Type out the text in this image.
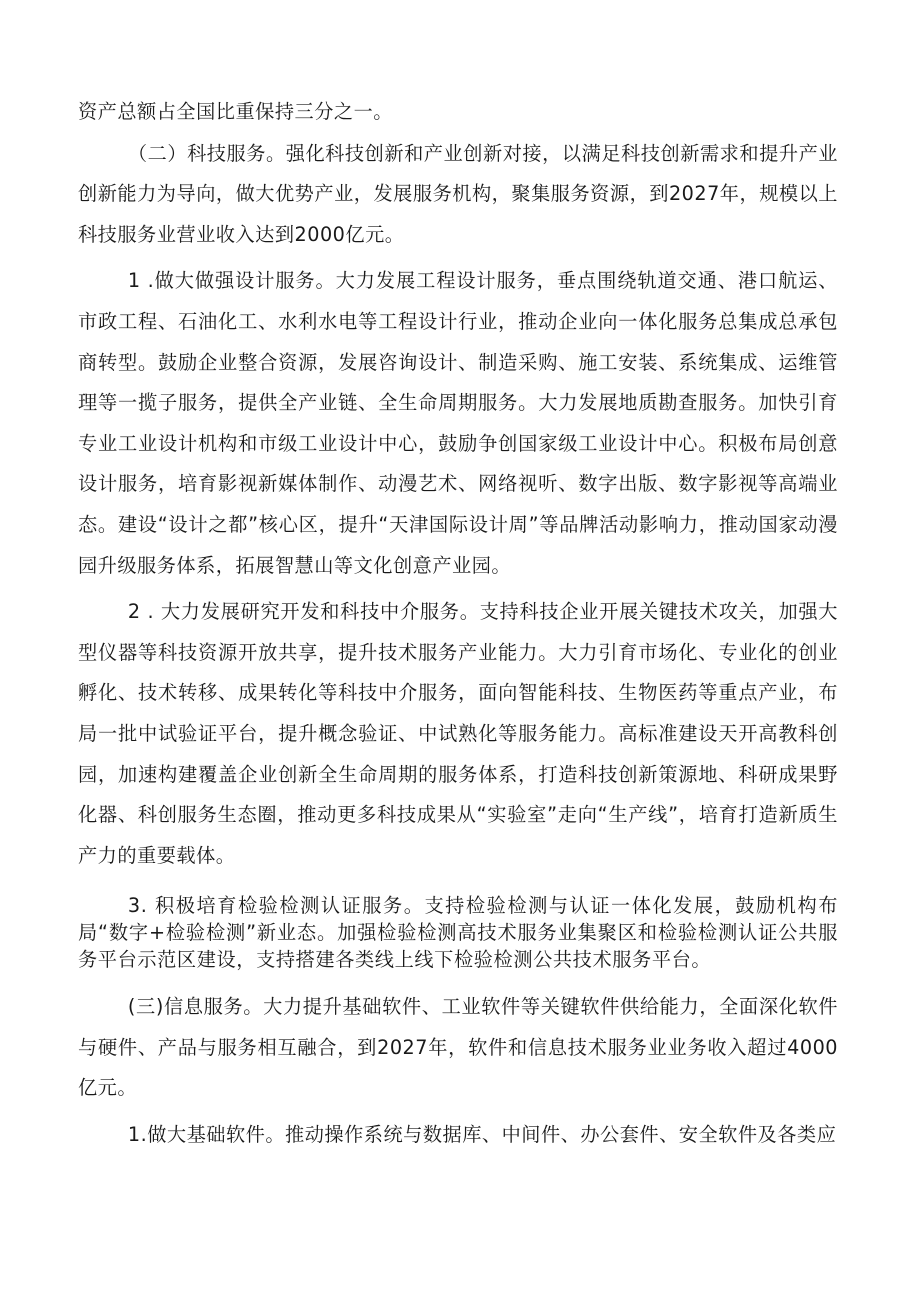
资产总额占全国比重保持三分之一。

（二）科技服务。强化科技创新和产业创新对接，以满足科技创新需求和提升产业创新能力为导向，做大优势产业，发展服务机构，聚集服务资源，到2027年，规模以上科技服务业营业收入达到2000亿元。

1 .做大做强设计服务。大力发展工程设计服务，垂点围绕轨道交通、港口航运、市政工程、石油化工、水利水电等工程设计行业，推动企业向一体化服务总集成总承包商转型。鼓励企业整合资源，发展咨询设计、制造采购、施工安装、系统集成、运维管理等一揽子服务，提供全产业链、全生命周期服务。大力发展地质勘查服务。加快引育专业工业设计机构和市级工业设计中心，鼓励争创国家级工业设计中心。积极布局创意设计服务，培育影视新媒体制作、动漫艺术、网络视听、数字出版、数字影视等高端业态。建设“设计之都”核心区，提升“天津国际设计周”等品牌活动影响力，推动国家动漫园升级服务体系，拓展智慧山等文化创意产业园。

2 . 大力发展研究开发和科技中介服务。支持科技企业开展关键技术攻关，加强大型仪器等科技资源开放共享，提升技术服务产业能力。大力引育市场化、专业化的创业孵化、技术转移、成果转化等科技中介服务，面向智能科技、生物医药等重点产业，布局一批中试验证平台，提升概念验证、中试熟化等服务能力。高标准建设天开高教科创园，加速构建覆盖企业创新全生命周期的服务体系，打造科技创新策源地、科研成果野化器、科创服务生态圈，推动更多科技成果从“实验室”走向“生产线”，培育打造新质生产力的重要载体。

3. 积极培育检验检测认证服务。支持检验检测与认证一体化发展，鼓励机构布局“数字+检验检测”新业态。加强检验检测高技术服务业集聚区和检验检测认证公共服务平台示范区建设，支持搭建各类线上线下检验检测公共技术服务平台。

(三)信息服务。大力提升基础软件、工业软件等关键软件供给能力，全面深化软件与硬件、产品与服务相互融合，到2027年，软件和信息技术服务业业务收入超过4000亿元。

1.做大基础软件。推动操作系统与数据库、中间件、办公套件、安全软件及各类应
